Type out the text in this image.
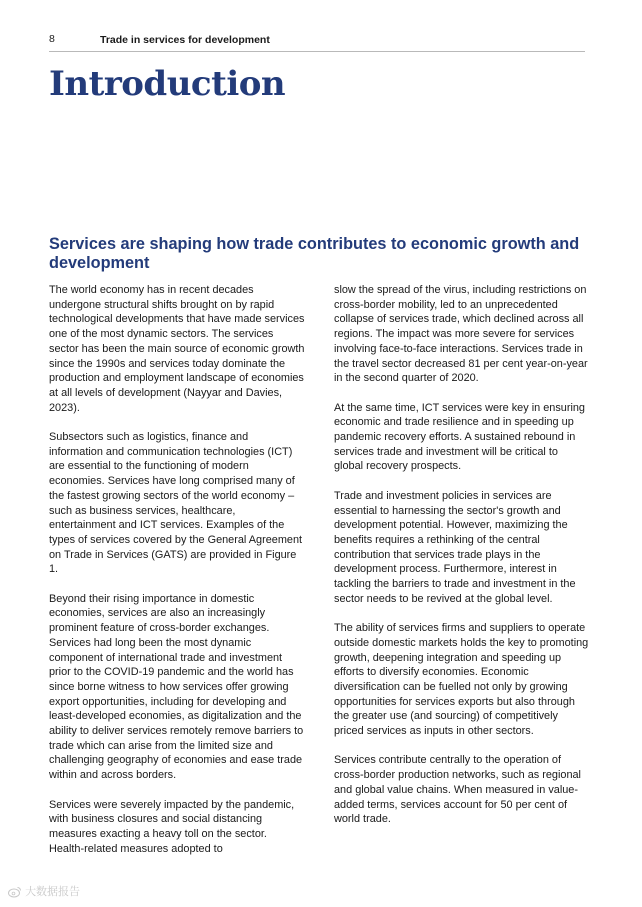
8	Trade in services for development
Introduction
Services are shaping how trade contributes to economic growth and development

The world economy has in recent decades undergone structural shifts brought on by rapid technological developments that have made services one of the most dynamic sectors. The services sector has been the main source of economic growth since the 1990s and services today dominate the production and employment landscape of economies at all levels of development (Nayyar and Davies, 2023).

Subsectors such as logistics, finance and information and communication technologies (ICT) are essential to the functioning of modern economies. Services have long comprised many of the fastest growing sectors of the world economy – such as business services, healthcare, entertainment and ICT services. Examples of the types of services covered by the General Agreement on Trade in Services (GATS) are provided in Figure 1.

Beyond their rising importance in domestic economies, services are also an increasingly prominent feature of cross-border exchanges. Services had long been the most dynamic component of international trade and investment prior to the COVID-19 pandemic and the world has since borne witness to how services offer growing export opportunities, including for developing and least-developed economies, as digitalization and the ability to deliver services remotely remove barriers to trade which can arise from the limited size and challenging geography of economies and ease trade within and across borders.

Services were severely impacted by the pandemic, with business closures and social distancing measures exacting a heavy toll on the sector. Health-related measures adopted to

slow the spread of the virus, including restrictions on cross-border mobility, led to an unprecedented collapse of services trade, which declined across all regions. The impact was more severe for services involving face-to-face interactions. Services trade in the travel sector decreased 81 per cent year-on-year in the second quarter of 2020.

At the same time, ICT services were key in ensuring economic and trade resilience and in speeding up pandemic recovery efforts. A sustained rebound in services trade and investment will be critical to global recovery prospects.

Trade and investment policies in services are essential to harnessing the sector's growth and development potential. However, maximizing the benefits requires a rethinking of the central contribution that services trade plays in the development process. Furthermore, interest in tackling the barriers to trade and investment in the sector needs to be revived at the global level.

The ability of services firms and suppliers to operate outside domestic markets holds the key to promoting growth, deepening integration and speeding up efforts to diversify economies. Economic diversification can be fuelled not only by growing opportunities for services exports but also through the greater use (and sourcing) of competitively priced services as inputs in other sectors.

Services contribute centrally to the operation of cross-border production networks, such as regional and global value chains. When measured in value-added terms, services account for 50 per cent of world trade.

大数据报告
